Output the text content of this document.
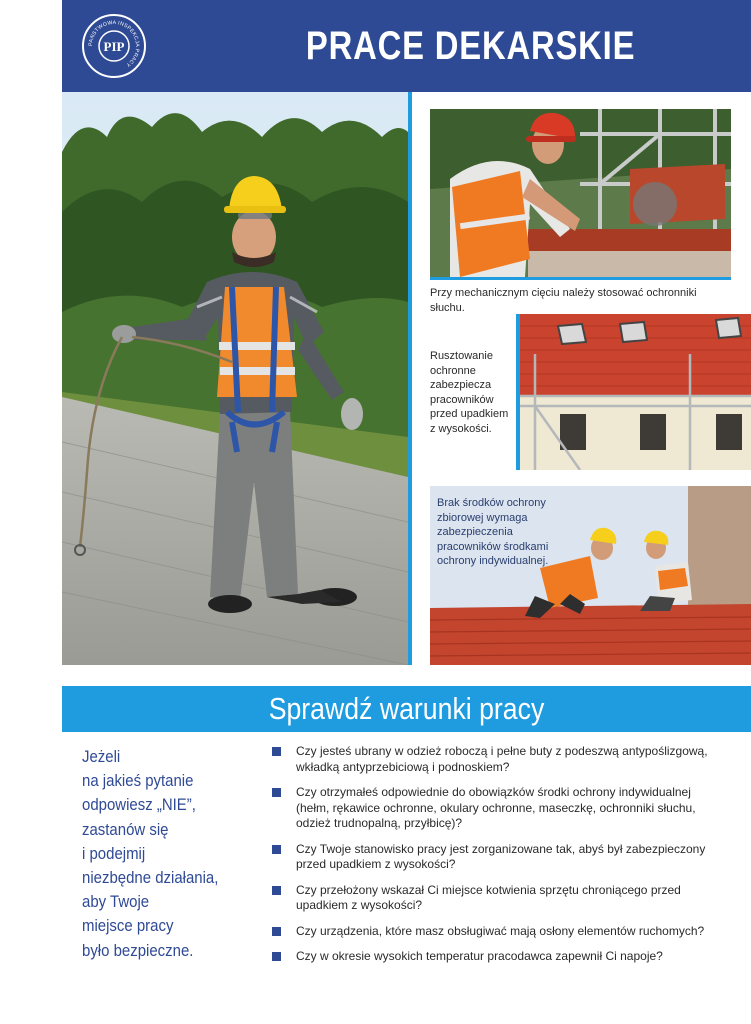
PAŃSTWOWA INSPEKCJA PRACY
PIP	PRACE DEKARSKIE
Przy mechanicznym cięciu należy stosować ochronniki słuchu.
Rusztowanie ochronne zabezpiecza pracowników przed upadkiem z wysokości.
Brak środków ochrony zbiorowej wymaga zabezpieczenia pracowników środkami ochrony indywidualnej.
Sprawdź warunki pracy
Jeżeli
na jakieś pytanie
odpowiesz „NIE”,
zastanów się
i podejmij
niezbędne działania,
aby Twoje
miejsce pracy
było bezpieczne.
Czy jesteś ubrany w odzież roboczą i pełne buty z podeszwą antypoślizgową, wkładką antyprzebiciową i podnoskiem?
Czy otrzymałeś odpowiednie do obowiązków środki ochrony indywidualnej (hełm, rękawice ochronne, okulary ochronne, maseczkę, ochronniki słuchu, odzież trudnopalną, przyłbicę)?
Czy Twoje stanowisko pracy jest zorganizowane tak, abyś był zabezpieczony przed upadkiem z wysokości?
Czy przełożony wskazał Ci miejsce kotwienia sprzętu chroniącego przed upadkiem z wysokości?
Czy urządzenia, które masz obsługiwać mają osłony elementów ruchomych?
Czy w okresie wysokich temperatur pracodawca zapewnił Ci napoje?
